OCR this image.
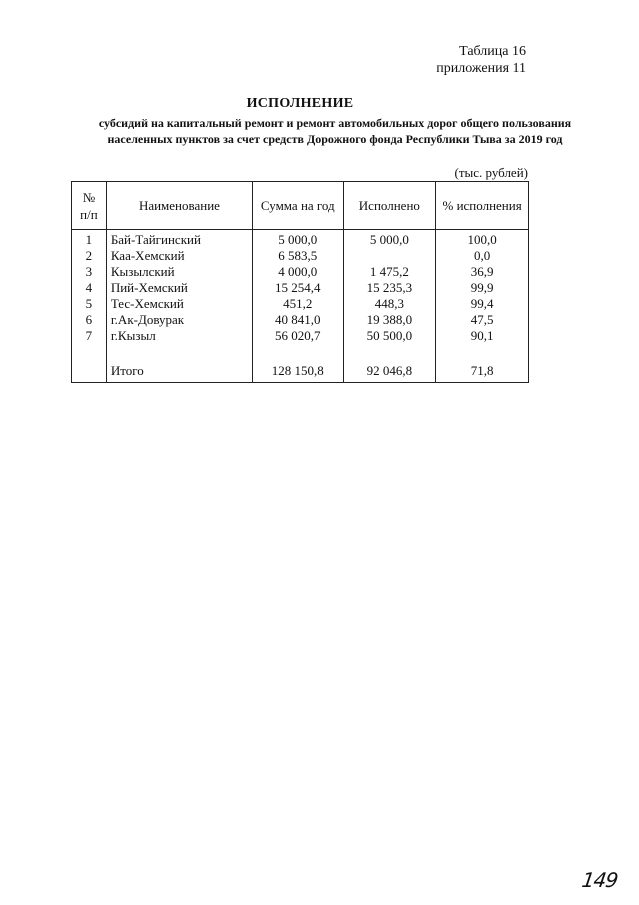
Таблица 16
приложения 11
ИСПОЛНЕНИЕ
субсидий на капитальный ремонт и ремонт автомобильных дорог общего пользования населенных пунктов за счет средств Дорожного фонда Республики Тыва за 2019 год
(тыс. рублей)
№
п/п	Наименование	Сумма на год	Исполнено	% исполнения
1	Бай-Тайгинский	5 000,0	5 000,0	100,0
2	Каа-Хемский	6 583,5		0,0
3	Кызылский	4 000,0	1 475,2	36,9
4	Пий-Хемский	15 254,4	15 235,3	99,9
5	Тес-Хемский	451,2	448,3	99,4
6	г.Ак-Довурак	40 841,0	19 388,0	47,5
7	г.Кызыл	56 020,7	50 500,0	90,1

	Итого	128 150,8	92 046,8	71,8
149
